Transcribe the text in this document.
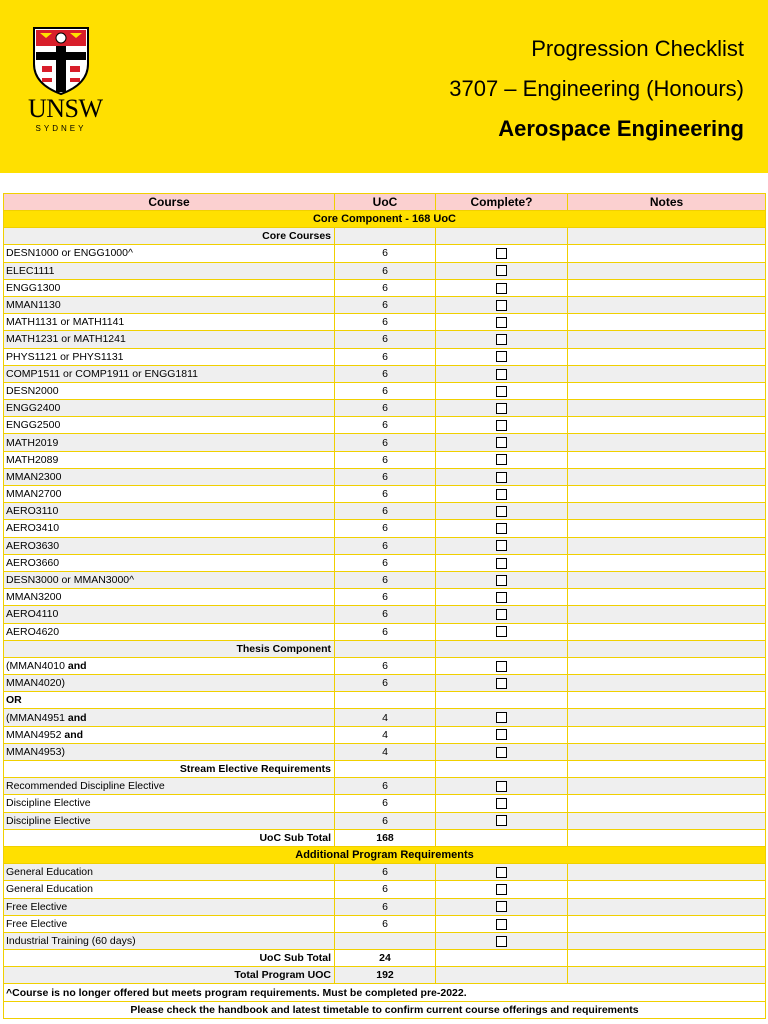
UNSW
SYDNEY
Progression Checklist
3707 – Engineering (Honours)
Aerospace Engineering
Course	UoC	Complete?	Notes
Core Component - 168 UoC			
Core Courses			
DESN1000 or ENGG1000^	6		
ELEC1111	6		
ENGG1300	6		
MMAN1130	6		
MATH1131 or MATH1141	6		
MATH1231 or MATH1241	6		
PHYS1121 or PHYS1131	6		
COMP1511 or COMP1911 or ENGG1811	6		
DESN2000	6		
ENGG2400	6		
ENGG2500	6		
MATH2019	6		
MATH2089	6		
MMAN2300	6		
MMAN2700	6		
AERO3110	6		
AERO3410	6		
AERO3630	6		
AERO3660	6		
DESN3000 or MMAN3000^	6		
MMAN3200	6		
AERO4110	6		
AERO4620	6		
Thesis Component			
(MMAN4010 and	6		
MMAN4020)	6		
OR			
(MMAN4951 and	4		
MMAN4952 and	4		
MMAN4953)	4		
Stream Elective Requirements			
Recommended Discipline Elective	6		
Discipline Elective	6		
Discipline Elective	6		
UoC Sub Total	168		
Additional Program Requirements			
General Education	6		
General Education	6		
Free Elective	6		
Free Elective	6		
Industrial Training (60 days)			
UoC Sub Total	24		
Total Program UOC	192		
^Course is no longer offered but meets program requirements. Must be completed pre-2022.			
Please check the handbook and latest timetable to confirm current course offerings and requirements			
